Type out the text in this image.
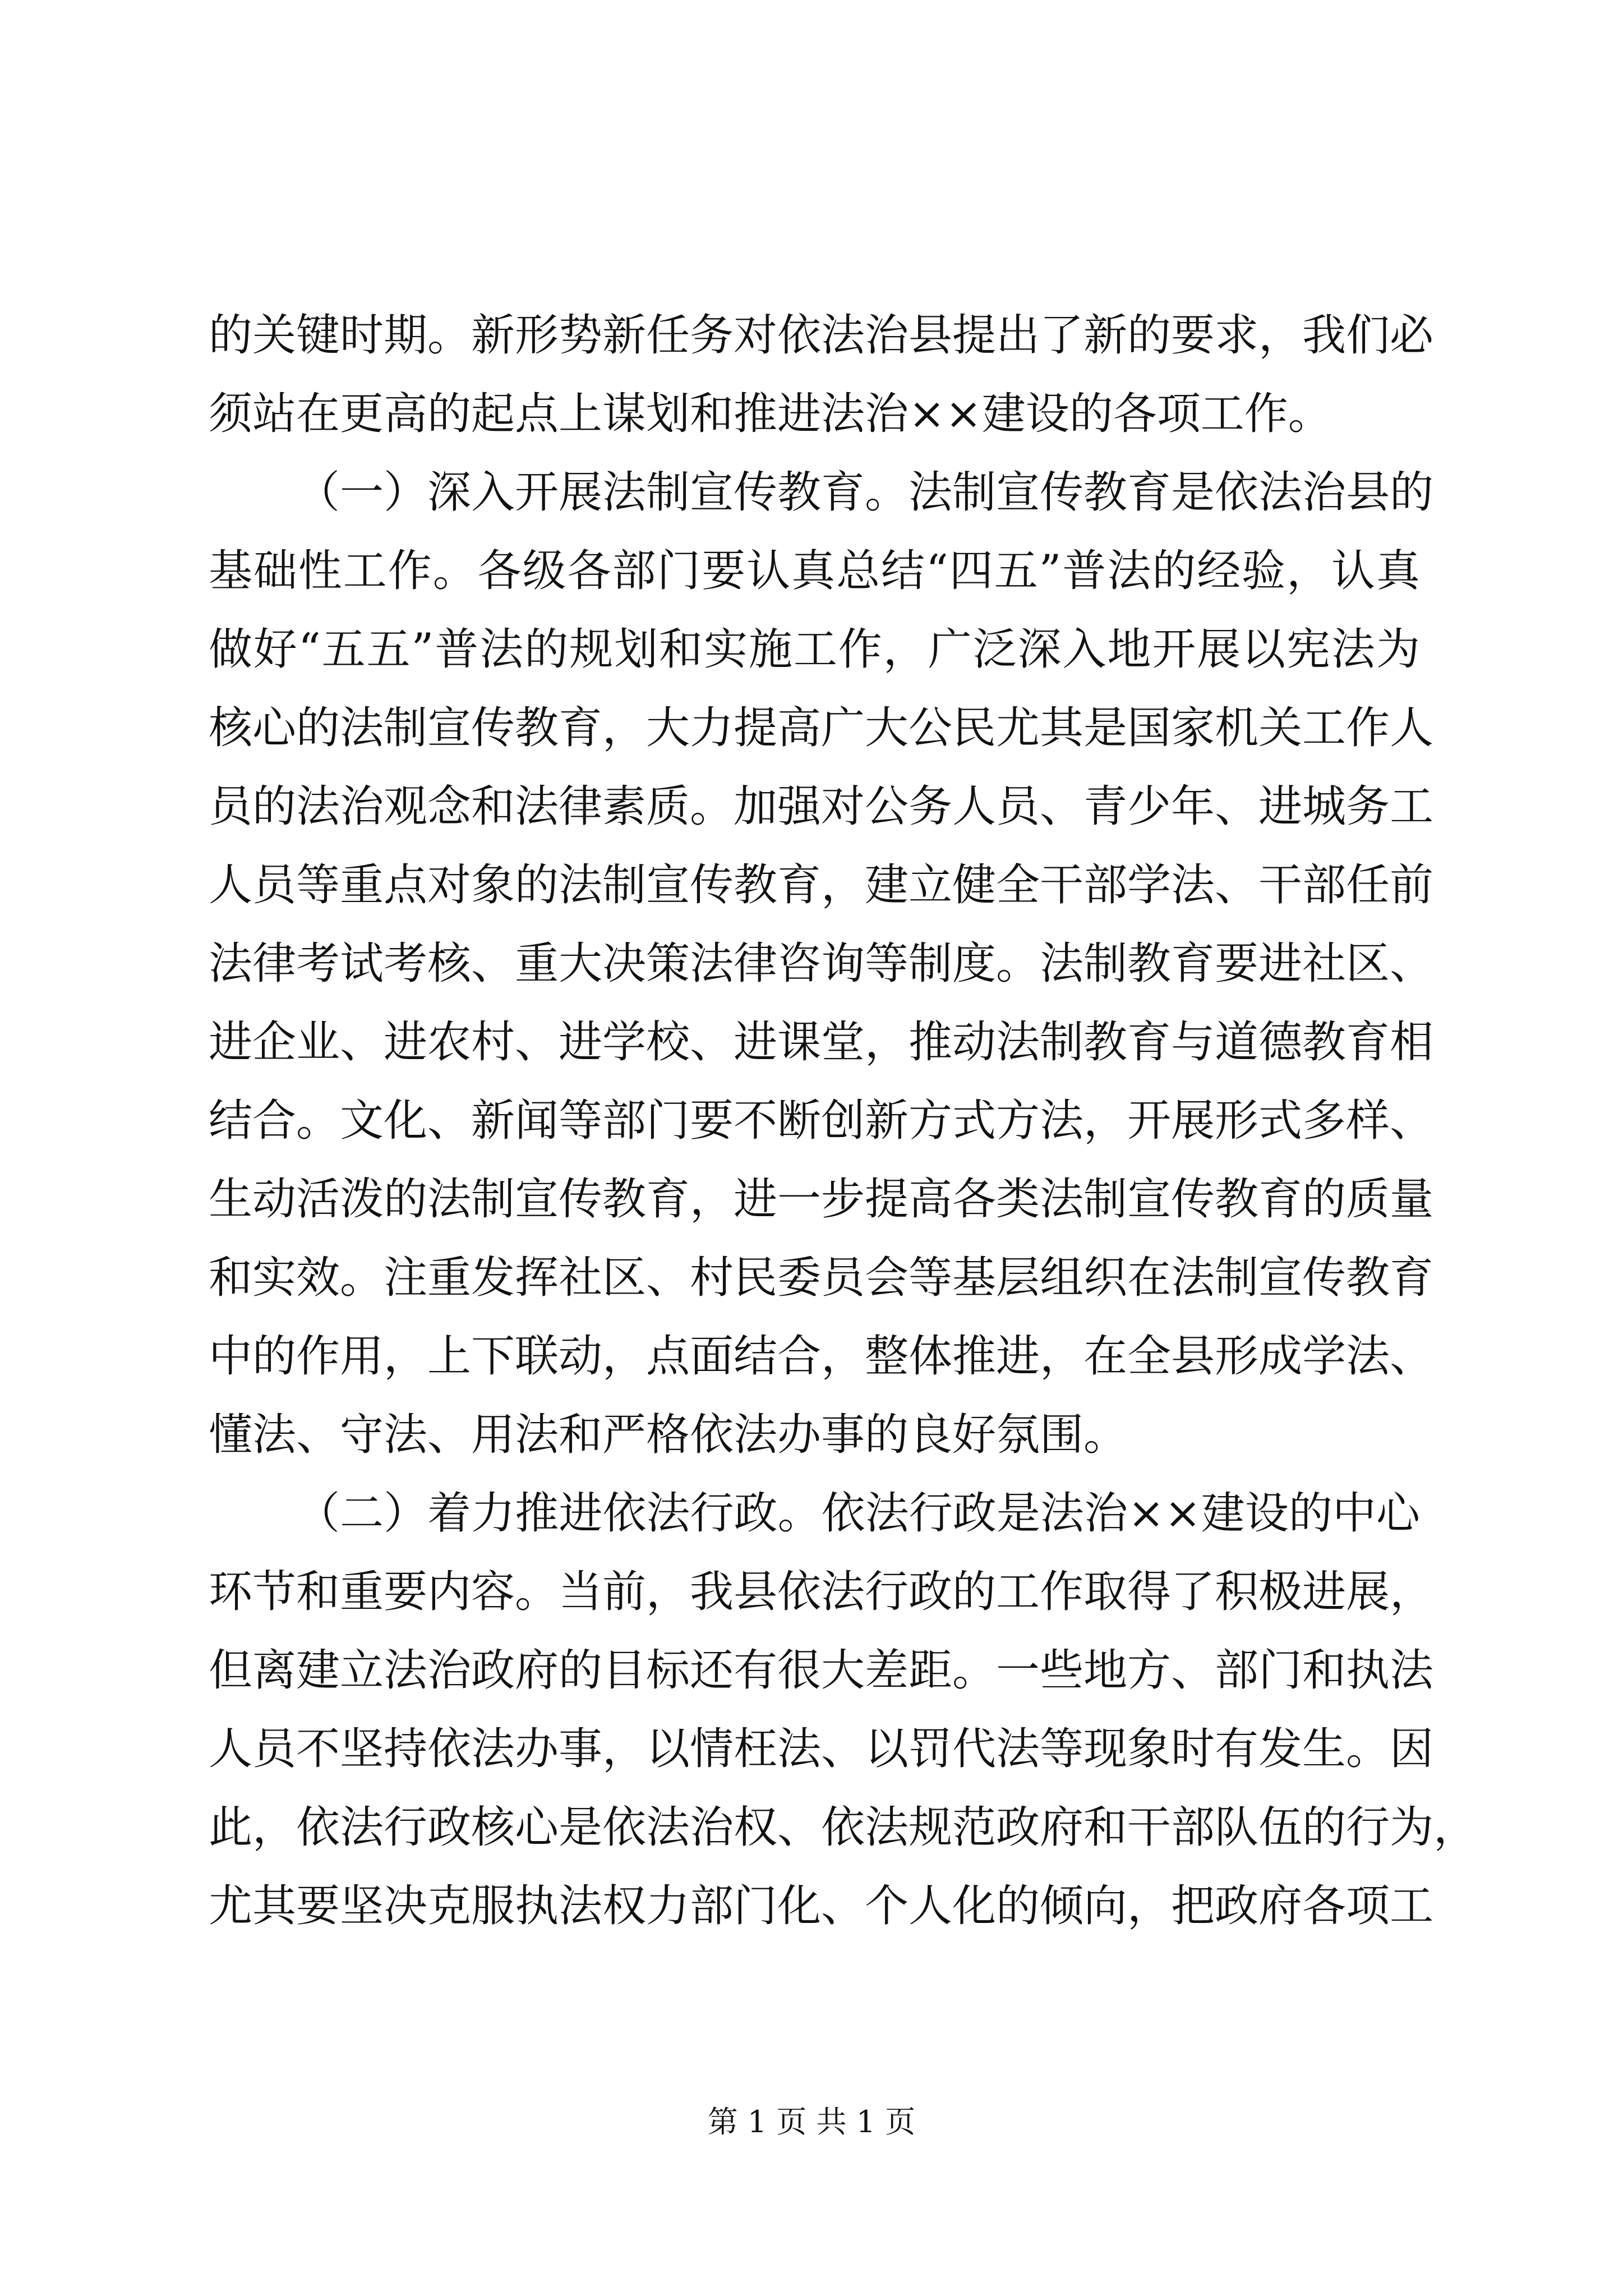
的关键时期。新形势新任务对依法治县提出了新的要求，我们必
须站在更高的起点上谋划和推进法治××建设的各项工作。
（一）深入开展法制宣传教育。法制宣传教育是依法治县的
基础性工作。各级各部门要认真总结“四五”普法的经验，认真
做好“五五”普法的规划和实施工作，广泛深入地开展以宪法为
核心的法制宣传教育，大力提高广大公民尤其是国家机关工作人
员的法治观念和法律素质。加强对公务人员、青少年、进城务工
人员等重点对象的法制宣传教育，建立健全干部学法、干部任前
法律考试考核、重大决策法律咨询等制度。法制教育要进社区、
进企业、进农村、进学校、进课堂，推动法制教育与道德教育相
结合。文化、新闻等部门要不断创新方式方法，开展形式多样、
生动活泼的法制宣传教育，进一步提高各类法制宣传教育的质量
和实效。注重发挥社区、村民委员会等基层组织在法制宣传教育
中的作用，上下联动，点面结合，整体推进，在全县形成学法、
懂法、守法、用法和严格依法办事的良好氛围。
（二）着力推进依法行政。依法行政是法治××建设的中心
环节和重要内容。当前，我县依法行政的工作取得了积极进展，
但离建立法治政府的目标还有很大差距。一些地方、部门和执法
人员不坚持依法办事，以情枉法、以罚代法等现象时有发生。因
此，依法行政核心是依法治权、依法规范政府和干部队伍的行为，
尤其要坚决克服执法权力部门化、个人化的倾向，把政府各项工
第 1 页 共 1 页
